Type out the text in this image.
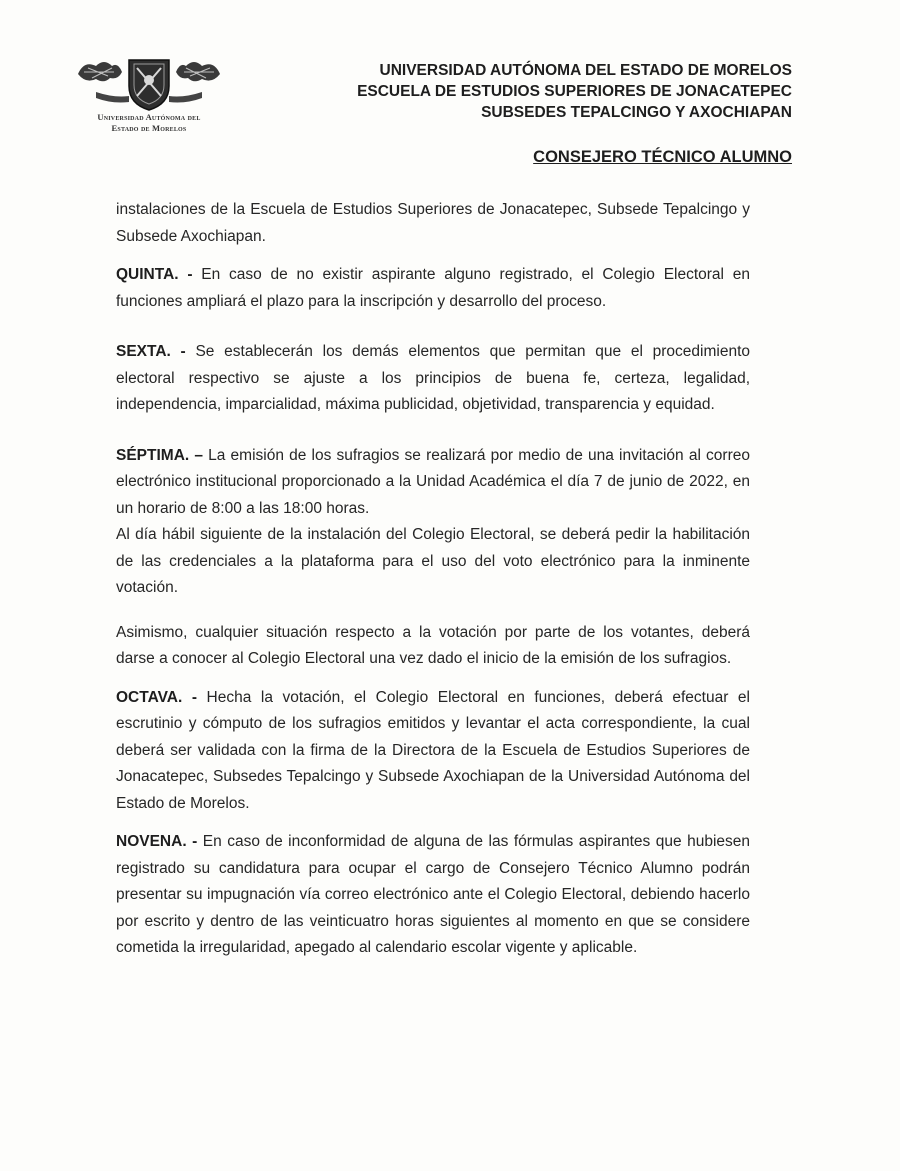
Universidad Autónoma del
Estado de Morelos
UNIVERSIDAD AUTÓNOMA DEL ESTADO DE MORELOS
ESCUELA DE ESTUDIOS SUPERIORES DE JONACATEPEC
SUBSEDES TEPALCINGO Y AXOCHIAPAN
CONSEJERO TÉCNICO ALUMNO

instalaciones de la Escuela de Estudios Superiores de Jonacatepec, Subsede Tepalcingo y Subsede Axochiapan.

QUINTA. - En caso de no existir aspirante alguno registrado, el Colegio Electoral en funciones ampliará el plazo para la inscripción y desarrollo del proceso.

SEXTA. - Se establecerán los demás elementos que permitan que el procedimiento electoral respectivo se ajuste a los principios de buena fe, certeza, legalidad, independencia, imparcialidad, máxima publicidad, objetividad, transparencia y equidad.

SÉPTIMA. – La emisión de los sufragios se realizará por medio de una invitación al correo electrónico institucional proporcionado a la Unidad Académica el día 7 de junio de 2022, en un horario de 8:00 a las 18:00 horas.

Al día hábil siguiente de la instalación del Colegio Electoral, se deberá pedir la habilitación de las credenciales a la plataforma para el uso del voto electrónico para la inminente votación.

Asimismo, cualquier situación respecto a la votación por parte de los votantes, deberá darse a conocer al Colegio Electoral una vez dado el inicio de la emisión de los sufragios.

OCTAVA. - Hecha la votación, el Colegio Electoral en funciones, deberá efectuar el escrutinio y cómputo de los sufragios emitidos y levantar el acta correspondiente, la cual deberá ser validada con la firma de la Directora de la Escuela de Estudios Superiores de Jonacatepec, Subsedes Tepalcingo y Subsede Axochiapan de la Universidad Autónoma del Estado de Morelos.

NOVENA. - En caso de inconformidad de alguna de las fórmulas aspirantes que hubiesen registrado su candidatura para ocupar el cargo de Consejero Técnico Alumno podrán presentar su impugnación vía correo electrónico ante el Colegio Electoral, debiendo hacerlo por escrito y dentro de las veinticuatro horas siguientes al momento en que se considere cometida la irregularidad, apegado al calendario escolar vigente y aplicable.
